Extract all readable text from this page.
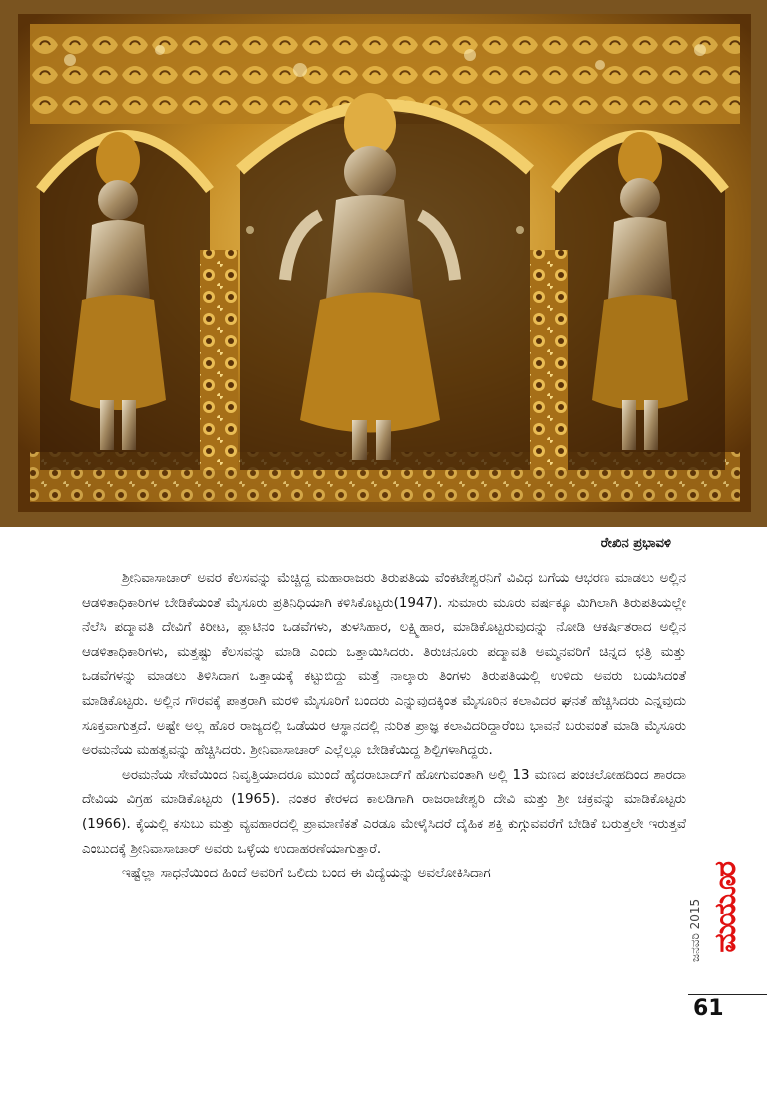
ರೇಖಿನ ಪ್ರಭಾವಳಿ

ಶ್ರೀನಿವಾಸಾಚಾರ್ ಅವರ ಕೆಲಸವನ್ನು ಮೆಚ್ಚಿದ್ದ ಮಹಾರಾಜರು ತಿರುಪತಿಯ ವೆಂಕಟೇಶ್ವರನಿಗೆ ವಿವಿಧ ಬಗೆಯ ಆಭರಣ ಮಾಡಲು ಅಲ್ಲಿನ ಆಡಳಿತಾಧಿಕಾರಿಗಳ ಬೇಡಿಕೆಯಂತೆ ಮೈಸೂರು ಪ್ರತಿನಿಧಿಯಾಗಿ ಕಳಿಸಿಕೊಟ್ಟರು(1947). ಸುಮಾರು ಮೂರು ವರ್ಷಕ್ಕೂ ಮಿಗಿಲಾಗಿ ತಿರುಪತಿಯಲ್ಲೇ ನೆಲೆಸಿ ಪದ್ಮಾವತಿ ದೇವಿಗೆ ಕಿರೀಟ, ಪ್ಲಾಟಿನಂ ಒಡವೆಗಳು, ತುಳಸಿಹಾರ, ಲಕ್ಷ್ಮಿಹಾರ, ಮಾಡಿಕೊಟ್ಟರುವುದನ್ನು ನೋಡಿ ಆಕರ್ಷಿತರಾದ ಅಲ್ಲಿನ ಆಡಳಿತಾಧಿಕಾರಿಗಳು, ಮತ್ತಷ್ಟು ಕೆಲಸವನ್ನು ಮಾಡಿ ಎಂದು ಒತ್ತಾಯಿಸಿದರು. ತಿರುಚನೂರು ಪದ್ಮಾವತಿ ಅಮ್ಮನವರಿಗೆ ಚಿನ್ನದ ಛತ್ರಿ ಮತ್ತು ಒಡವೆಗಳನ್ನು ಮಾಡಲು ತಿಳಿಸಿದಾಗ ಒತ್ತಾಯಕ್ಕೆ ಕಟ್ಟುಬಿದ್ದು ಮತ್ತೆ ನಾಲ್ಕಾರು ತಿಂಗಳು ತಿರುಪತಿಯಲ್ಲಿ ಉಳಿದು ಅವರು ಬಯಸಿದಂತೆ ಮಾಡಿಕೊಟ್ಟರು. ಅಲ್ಲಿನ ಗೌರವಕ್ಕೆ ಪಾತ್ರರಾಗಿ ಮರಳಿ ಮೈಸೂರಿಗೆ ಬಂದರು ಎನ್ನುವುದಕ್ಕಿಂತ ಮೈಸೂರಿನ ಕಲಾವಿದರ ಘನತೆ ಹೆಚ್ಚಿಸಿದರು ಎನ್ನವುದು ಸೂಕ್ತವಾಗುತ್ತದೆ. ಅಷ್ಟೇ ಅಲ್ಲ ಹೊರ ರಾಜ್ಯದಲ್ಲಿ ಒಡೆಯರ ಆಸ್ಥಾನದಲ್ಲಿ ನುರಿತ ಪ್ರಾಜ್ಞ ಕಲಾವಿದರಿದ್ದಾರೆಂಬ ಭಾವನೆ ಬರುವಂತೆ ಮಾಡಿ ಮೈಸೂರು ಅರಮನೆಯ ಮಹತ್ವವನ್ನು ಹೆಚ್ಚಿಸಿದರು. ಶ್ರೀನಿವಾಸಾಚಾರ್ ಎಲ್ಲೆಲ್ಲೂ ಬೇಡಿಕೆಯಿದ್ದ ಶಿಲ್ಪಿಗಳಾಗಿದ್ದರು.

ಅರಮನೆಯ ಸೇವೆಯಿಂದ ನಿವೃತ್ತಿಯಾದರೂ ಮುಂದೆ ಹೈದರಾಬಾದ್‌ಗೆ ಹೋಗುವಂತಾಗಿ ಅಲ್ಲಿ 13 ಮಣದ ಪಂಚಲೋಹದಿಂದ ಶಾರದಾ ದೇವಿಯ ವಿಗ್ರಹ ಮಾಡಿಕೊಟ್ಟರು (1965). ನಂತರ ಕೇರಳದ ಕಾಲಡಿಗಾಗಿ ರಾಜರಾಜೇಶ್ವರಿ ದೇವಿ ಮತ್ತು ಶ್ರೀ ಚಕ್ರವನ್ನು ಮಾಡಿಕೊಟ್ಟರು (1966). ಕೈಯಲ್ಲಿ ಕಸುಬು ಮತ್ತು ವ್ಯವಹಾರದಲ್ಲಿ ಪ್ರಾಮಾಣಿಕತೆ ಎರಡೂ ಮೇಳೈಸಿದರೆ ದೈಹಿಕ ಶಕ್ತಿ ಕುಗ್ಗುವವರೆಗೆ ಬೇಡಿಕೆ ಬರುತ್ತಲೇ ಇರುತ್ತವೆ ಎಂಬುದಕ್ಕೆ ಶ್ರೀನಿವಾಸಾಚಾರ್ ಅವರು ಒಳ್ಳೆಯ ಉದಾಹರಣೆಯಾಗುತ್ತಾರೆ.

ಇಷ್ಟೆಲ್ಲಾ ಸಾಧನೆಯಿಂದ ಹಿಂದೆ ಅವರಿಗೆ ಒಲಿದು ಬಂದ ಈ ವಿದ್ಯೆಯನ್ನು ಅವಲೋಕಿಸಿದಾಗ

ಜನವರಿ 2015 ಮಯೂರ
61
